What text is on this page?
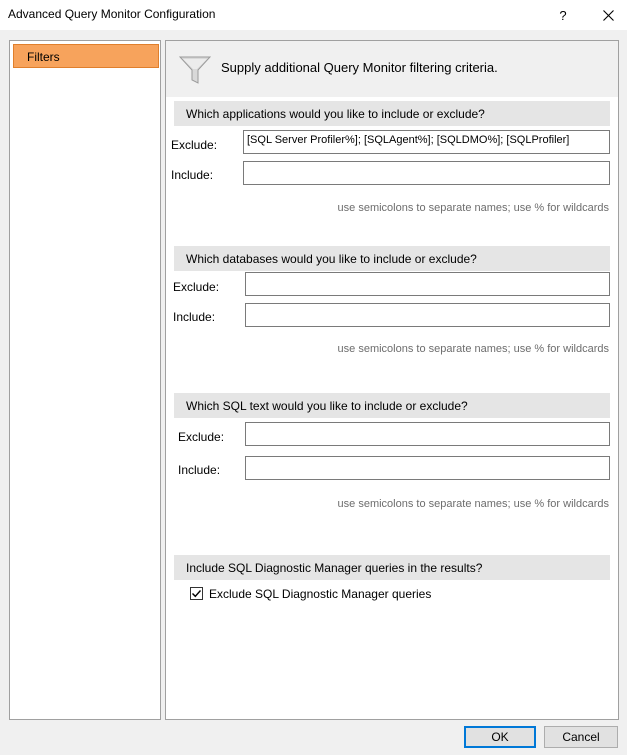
Advanced Query Monitor Configuration	?
Filters
Supply additional Query Monitor filtering criteria.
Which applications would you like to include or exclude?
Exclude:	[SQL Server Profiler%]; [SQLAgent%]; [SQLDMO%]; [SQLProfiler]
Include:
use semicolons to separate names; use % for wildcards
Which databases would you like to include or exclude?
Exclude:
Include:
use semicolons to separate names; use % for wildcards
Which SQL text would you like to include or exclude?
Exclude:
Include:
use semicolons to separate names; use % for wildcards
Include SQL Diagnostic Manager queries in the results?
Exclude SQL Diagnostic Manager queries
OK	Cancel
